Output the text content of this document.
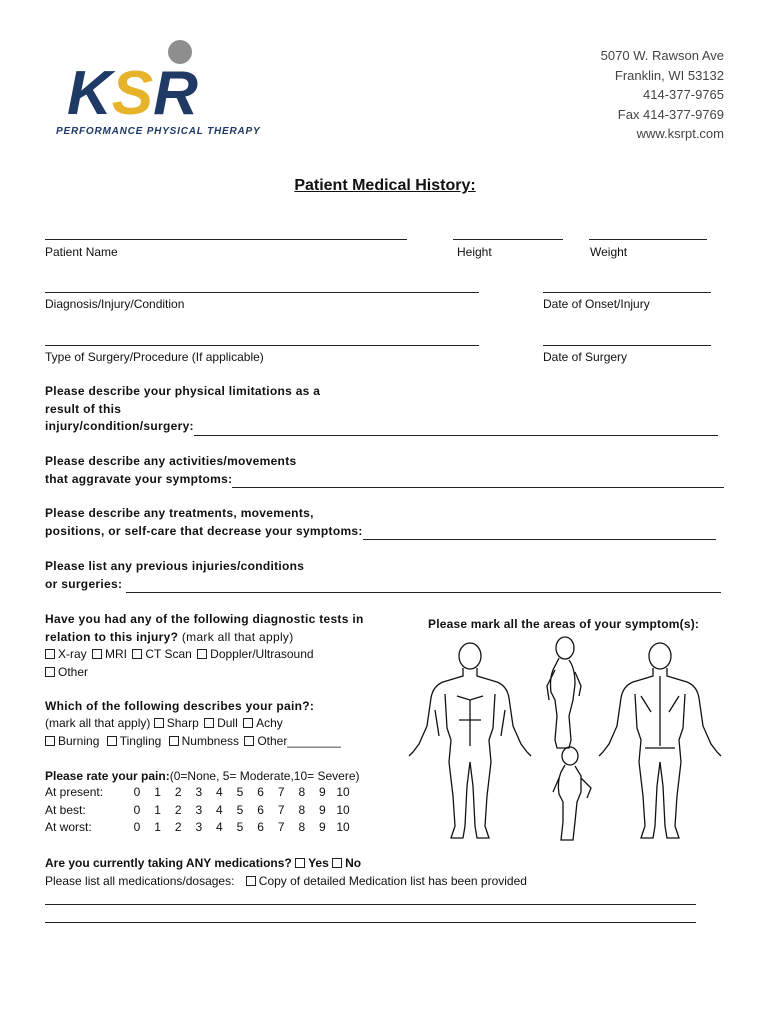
KSR
PERFORMANCE PHYSICAL THERAPY
5070 W. Rawson Ave
Franklin, WI 53132
414-377-9765
Fax 414-377-9769
www.ksrpt.com
Patient Medical History:
Patient Name	Height	Weight
Diagnosis/Injury/Condition	Date of Onset/Injury
Type of Surgery/Procedure (If applicable)	Date of Surgery
Please describe your physical limitations as a
result of this
injury/condition/surgery:
Please describe any activities/movements
that aggravate your symptoms:
Please describe any treatments, movements,
positions, or self-care that decrease your symptoms:
Please list any previous injuries/conditions
or surgeries:
Have you had any of the following diagnostic tests in
relation to this injury? (mark all that apply)
X-ray MRI CT Scan Doppler/Ultrasound
Other
Please mark all the areas of your symptom(s):
Which of the following describes your pain?:
(mark all that apply) Sharp Dull Achy
Burning Tingling Numbness Other________
Please rate your pain:(0=None, 5= Moderate,10= Severe)
At present:	0	1	2	3	4	5	6	7	8	9 10
At best:	0	1	2	3	4	5	6	7	8	9 10
At worst:	0	1	2	3	4	5	6	7	8	9 10
Are you currently taking ANY medications? Yes No
Please list all medications/dosages: Copy of detailed Medication list has been provided
